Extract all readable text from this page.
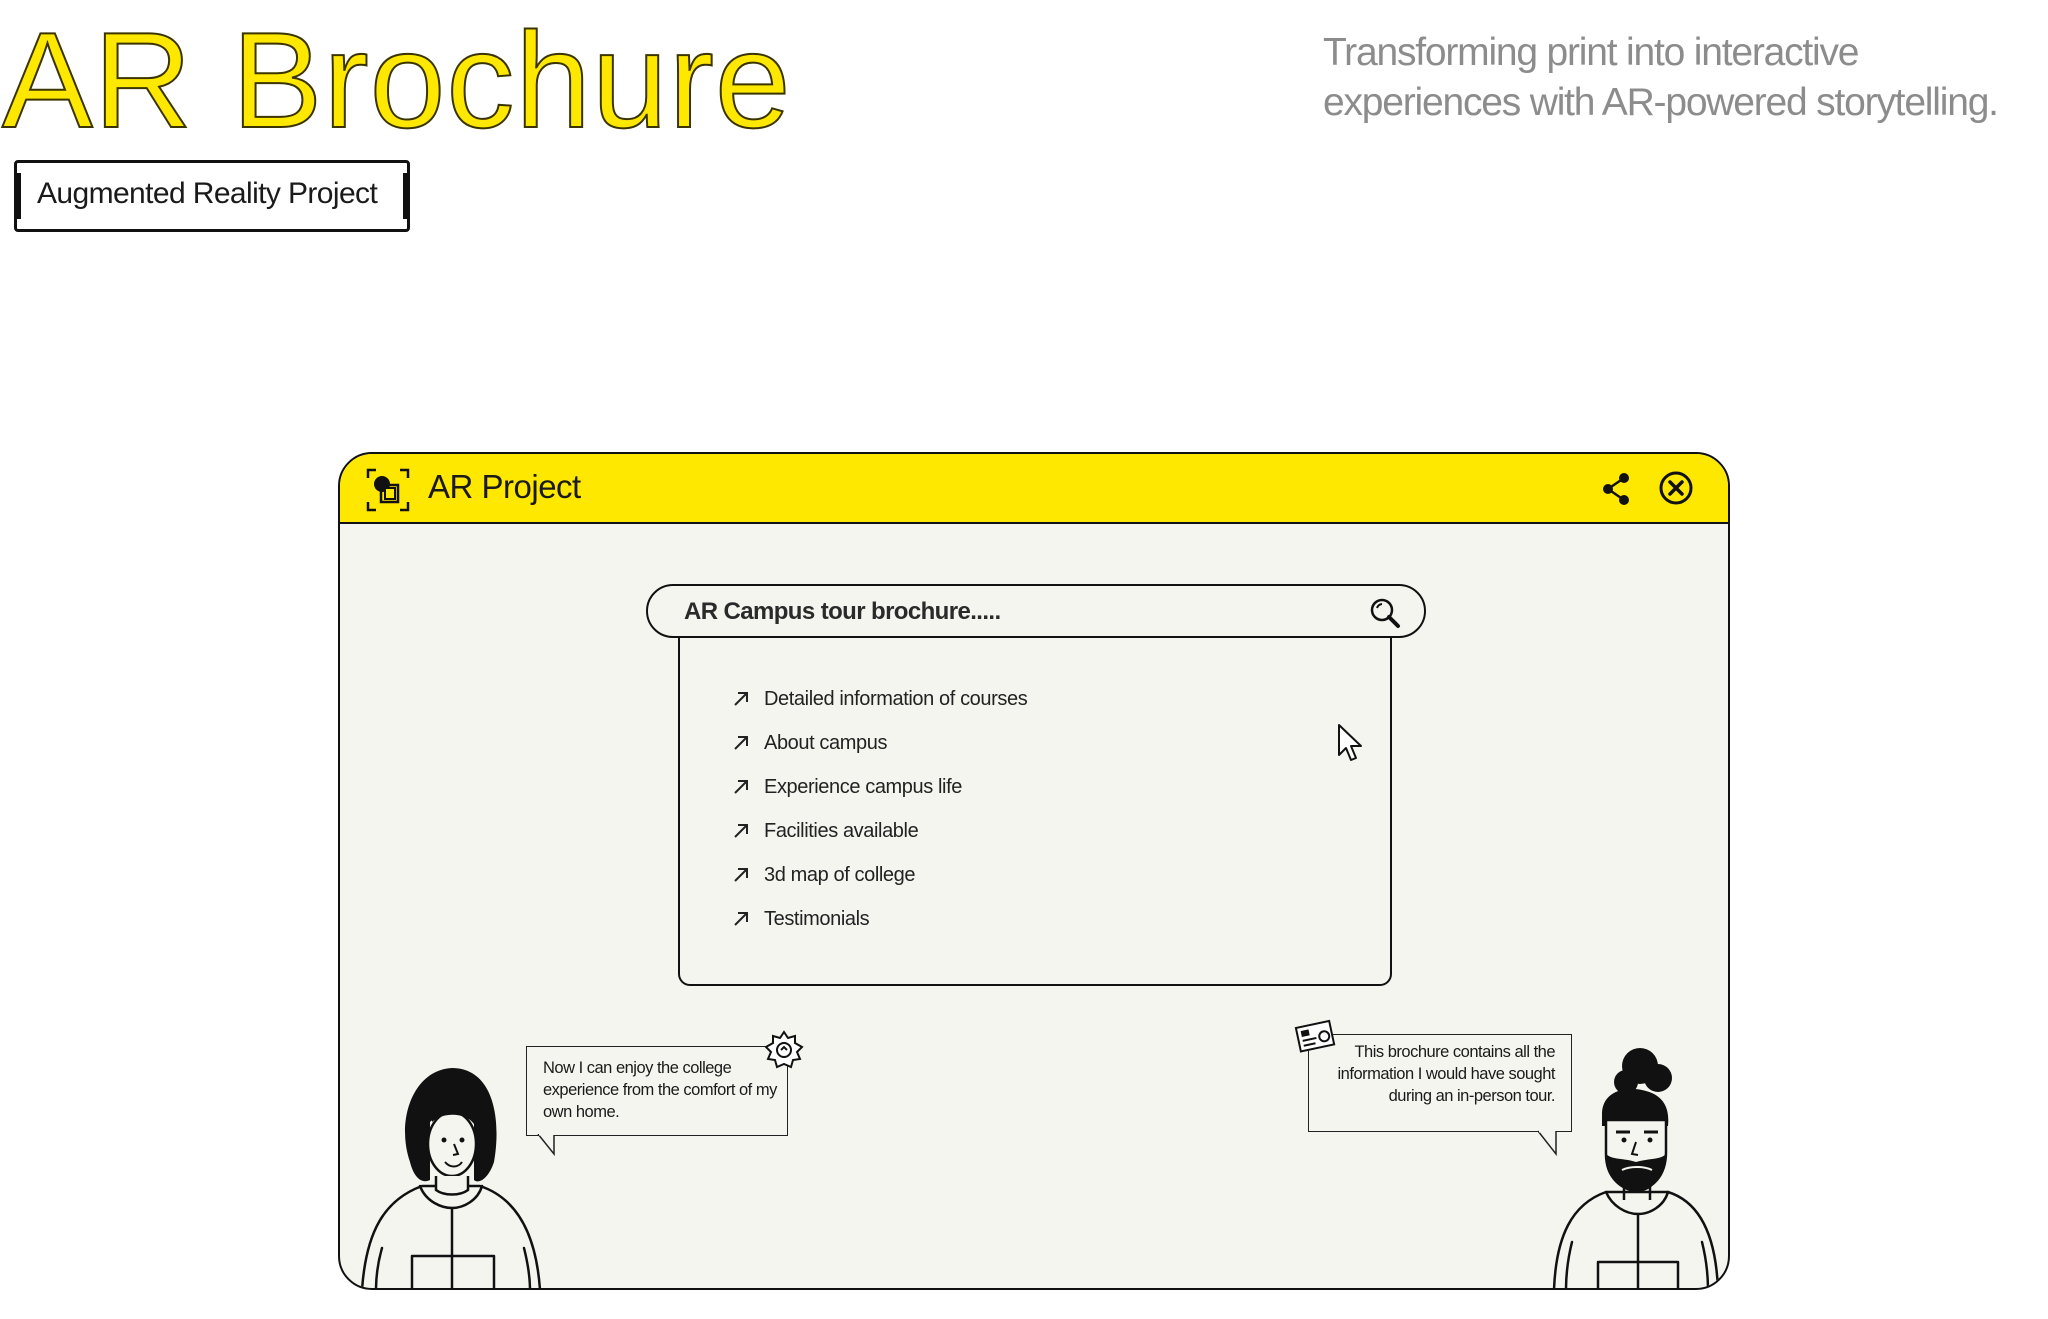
AR Brochure	Transforming print into interactive experiences with AR-powered storytelling.

Augmented Reality Project
AR Project
AR Campus tour brochure.....
Detailed information of courses
About campus
Experience campus life
Facilities available
3d map of college
Testimonials
Now I can enjoy the college experience from the comfort of my own home.
This brochure contains all the information I would have sought during an in-person tour.
